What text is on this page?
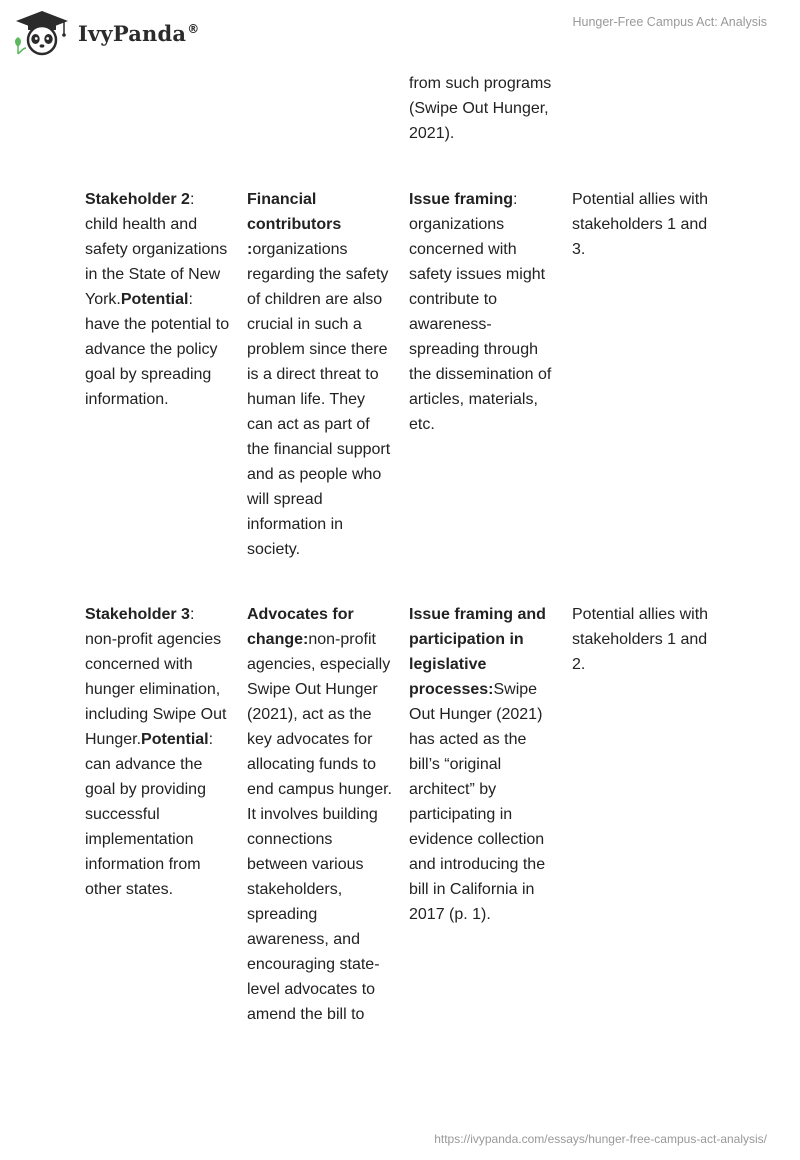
IvyPanda®	Hunger-Free Campus Act: Analysis
from such programs (Swipe Out Hunger, 2021).
Stakeholder 2: child health and safety organizations in the State of New York.Potential: have the potential to advance the policy goal by spreading information.
Financial contributors :organizations regarding the safety of children are also crucial in such a problem since there is a direct threat to human life. They can act as part of the financial support and as people who will spread information in society.
Issue framing: organizations concerned with safety issues might contribute to awareness-spreading through the dissemination of articles, materials, etc.
Potential allies with stakeholders 1 and 3.
Stakeholder 3: non-profit agencies concerned with hunger elimination, including Swipe Out Hunger.Potential: can advance the goal by providing successful implementation information from other states.
Advocates for change:non-profit agencies, especially Swipe Out Hunger (2021), act as the key advocates for allocating funds to end campus hunger. It involves building connections between various stakeholders, spreading awareness, and encouraging state-level advocates to amend the bill to
Issue framing and participation in legislative processes:Swipe Out Hunger (2021) has acted as the bill’s “original architect” by participating in evidence collection and introducing the bill in California in 2017 (p. 1).
Potential allies with stakeholders 1 and 2.
https://ivypanda.com/essays/hunger-free-campus-act-analysis/
